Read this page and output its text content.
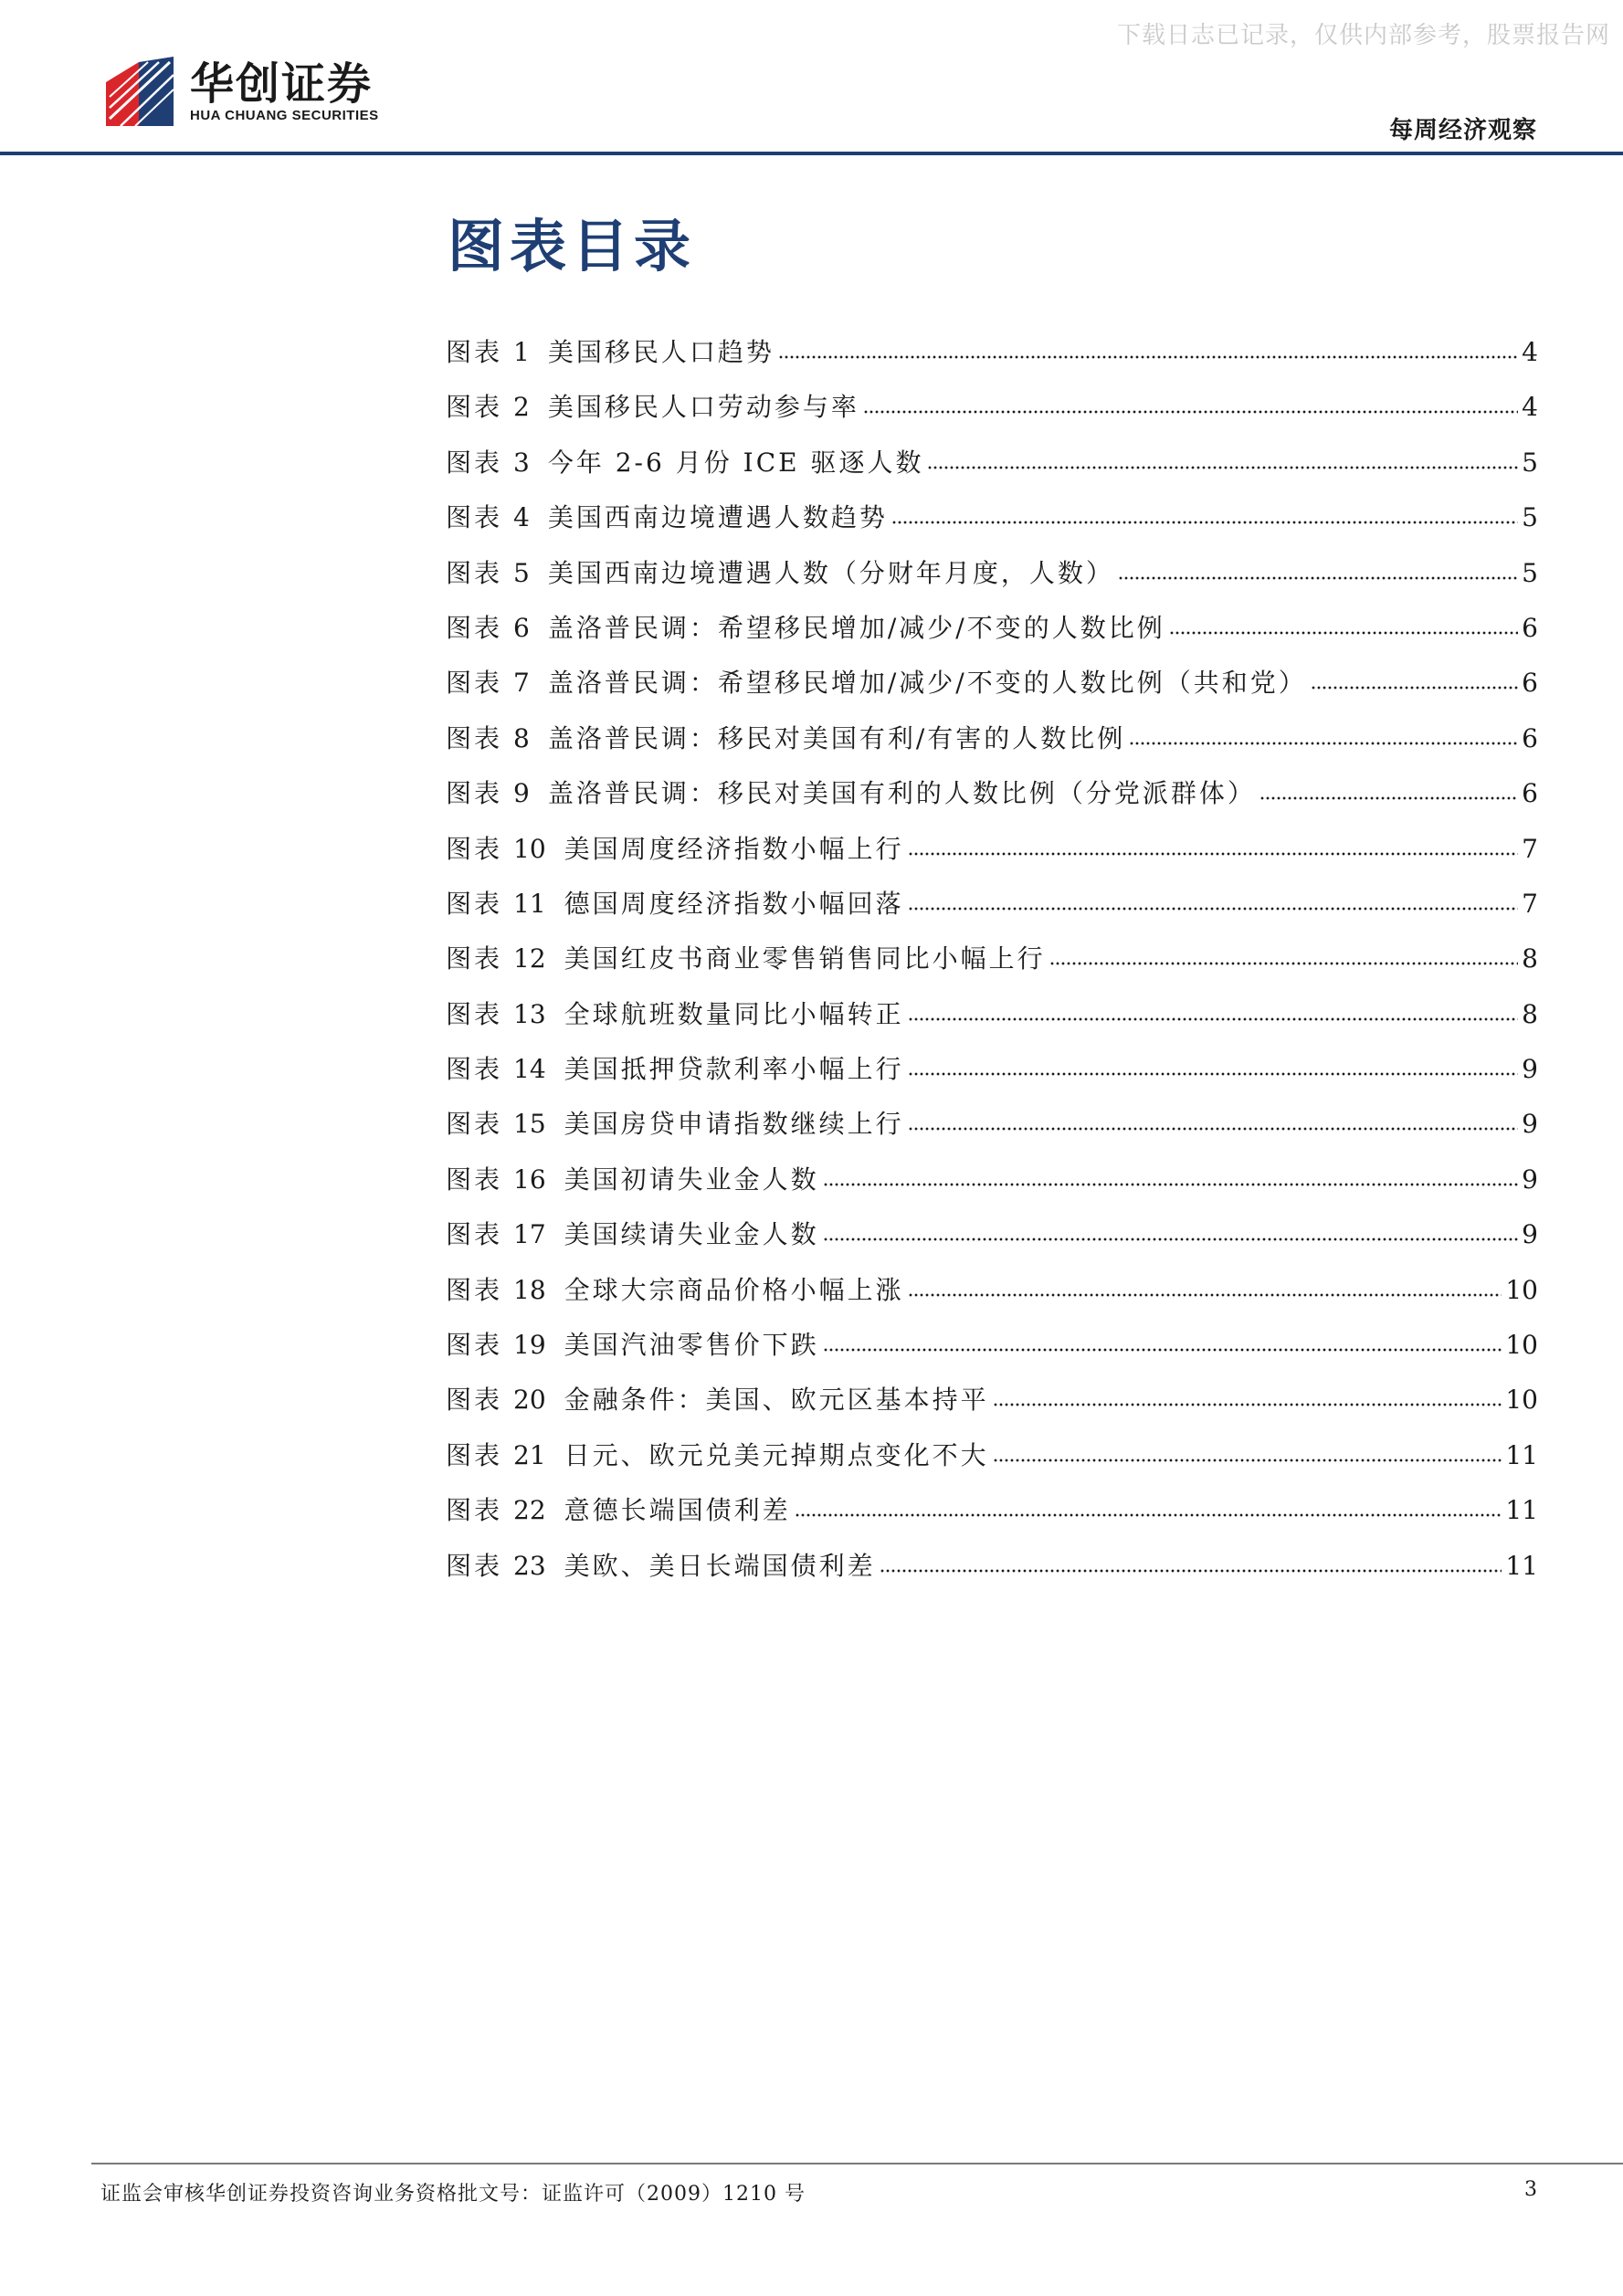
下载日志已记录，仅供内部参考，股票报告网
华创证券
HUA CHUANG SECURITIES
每周经济观察
图表目录
图表 1 美国移民人口趋势	4
图表 2 美国移民人口劳动参与率	4
图表 3 今年 2-6 月份 ICE 驱逐人数	5
图表 4 美国西南边境遭遇人数趋势	5
图表 5 美国西南边境遭遇人数（分财年月度，人数）	5
图表 6 盖洛普民调：希望移民增加/减少/不变的人数比例	6
图表 7 盖洛普民调：希望移民增加/减少/不变的人数比例（共和党）	6
图表 8 盖洛普民调：移民对美国有利/有害的人数比例	6
图表 9 盖洛普民调：移民对美国有利的人数比例（分党派群体）	6
图表 10 美国周度经济指数小幅上行	7
图表 11 德国周度经济指数小幅回落	7
图表 12 美国红皮书商业零售销售同比小幅上行	8
图表 13 全球航班数量同比小幅转正	8
图表 14 美国抵押贷款利率小幅上行	9
图表 15 美国房贷申请指数继续上行	9
图表 16 美国初请失业金人数	9
图表 17 美国续请失业金人数	9
图表 18 全球大宗商品价格小幅上涨	10
图表 19 美国汽油零售价下跌	10
图表 20 金融条件：美国、欧元区基本持平	10
图表 21 日元、欧元兑美元掉期点变化不大	11
图表 22 意德长端国债利差	11
图表 23 美欧、美日长端国债利差	11
证监会审核华创证券投资咨询业务资格批文号：证监许可（2009）1210 号	3
